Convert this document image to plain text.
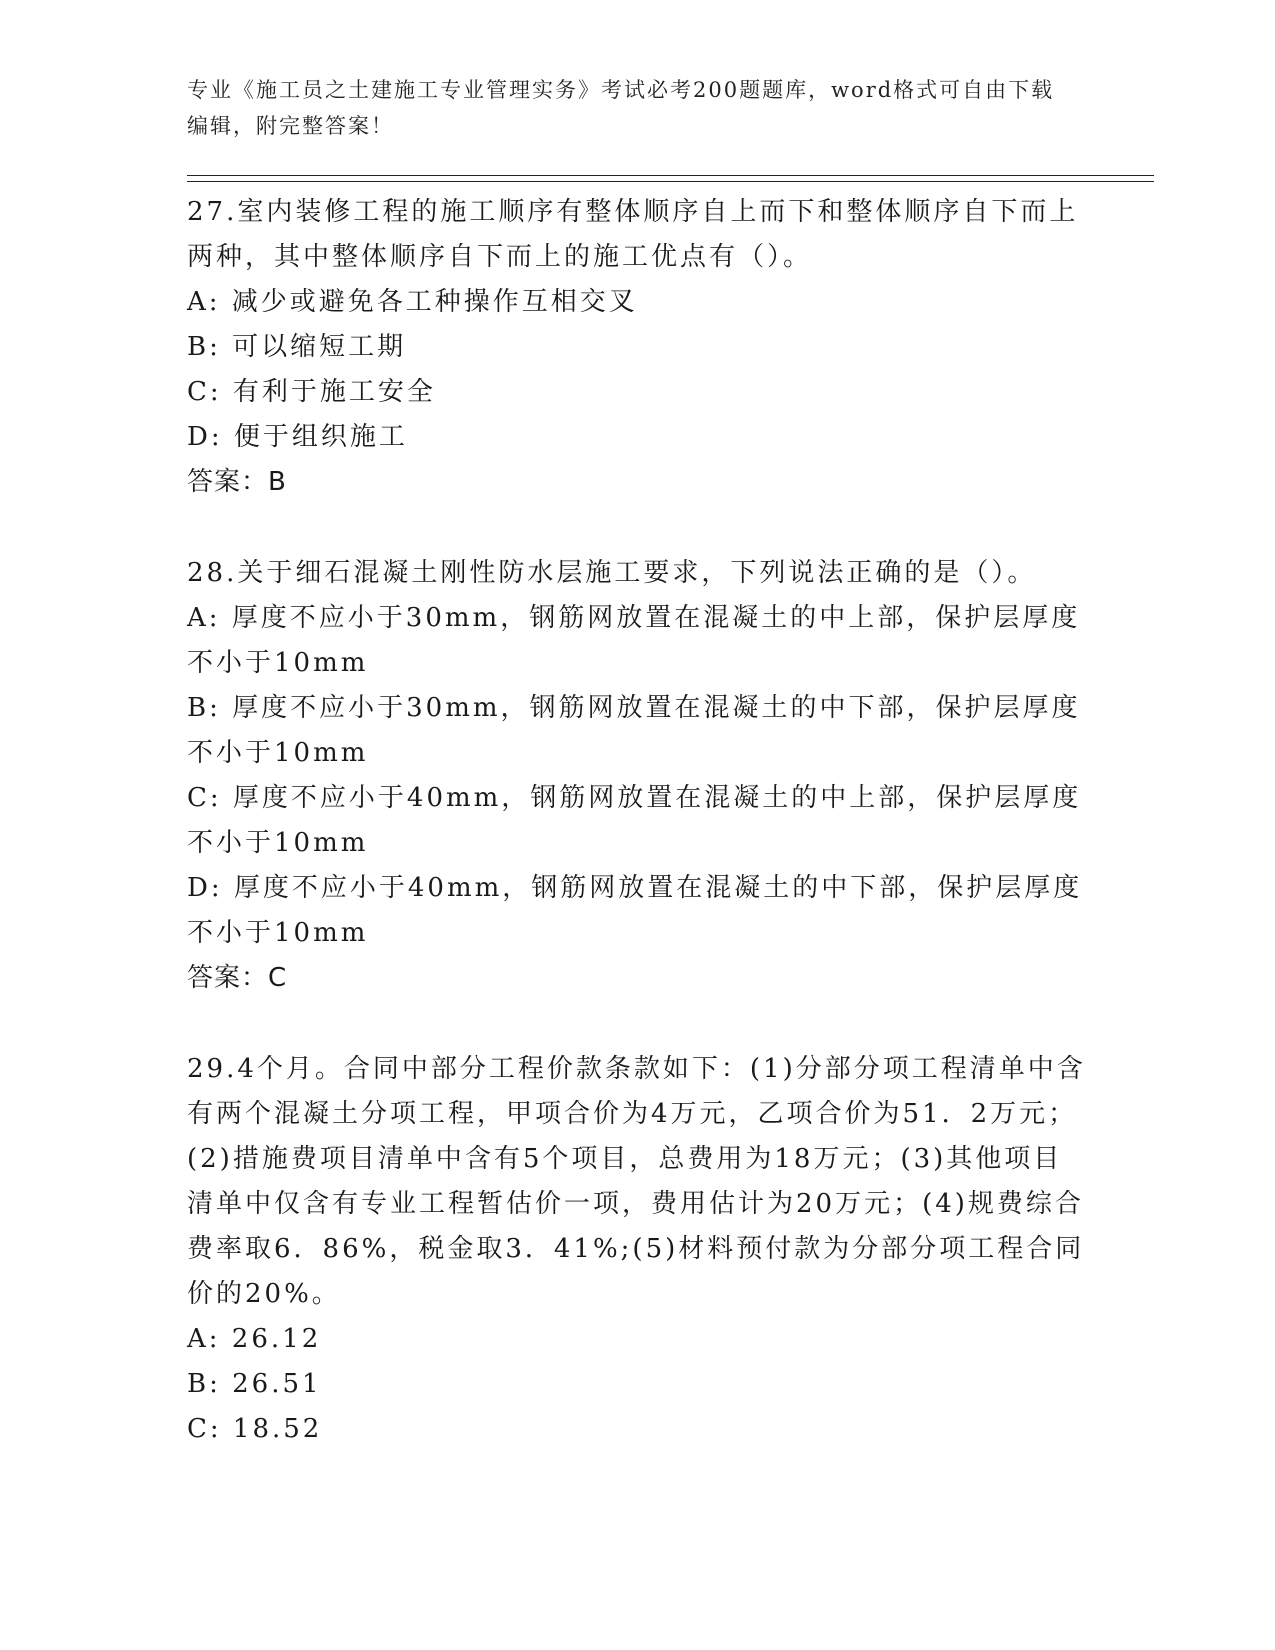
专业《施工员之土建施工专业管理实务》考试必考200题题库，word格式可自由下载编辑，附完整答案！

27.室内装修工程的施工顺序有整体顺序自上而下和整体顺序自下而上两种，其中整体顺序自下而上的施工优点有（）。

A: 减少或避免各工种操作互相交叉

B: 可以缩短工期

C: 有利于施工安全

D: 便于组织施工

答案：B

28.关于细石混凝土刚性防水层施工要求，下列说法正确的是（）。

A: 厚度不应小于30mm，钢筋网放置在混凝土的中上部，保护层厚度不小于10mm

B: 厚度不应小于30mm，钢筋网放置在混凝土的中下部，保护层厚度不小于10mm

C: 厚度不应小于40mm，钢筋网放置在混凝土的中上部，保护层厚度不小于10mm

D: 厚度不应小于40mm，钢筋网放置在混凝土的中下部，保护层厚度不小于10mm

答案：C

29.4个月。合同中部分工程价款条款如下：(1)分部分项工程清单中含有两个混凝土分项工程，甲项合价为4万元，乙项合价为51．2万元；(2)措施费项目清单中含有5个项目，总费用为18万元；(3)其他项目清单中仅含有专业工程暂估价一项，费用估计为20万元；(4)规费综合费率取6．86%，税金取3．41%;(5)材料预付款为分部分项工程合同价的20%。

A: 26.12

B: 26.51

C: 18.52
